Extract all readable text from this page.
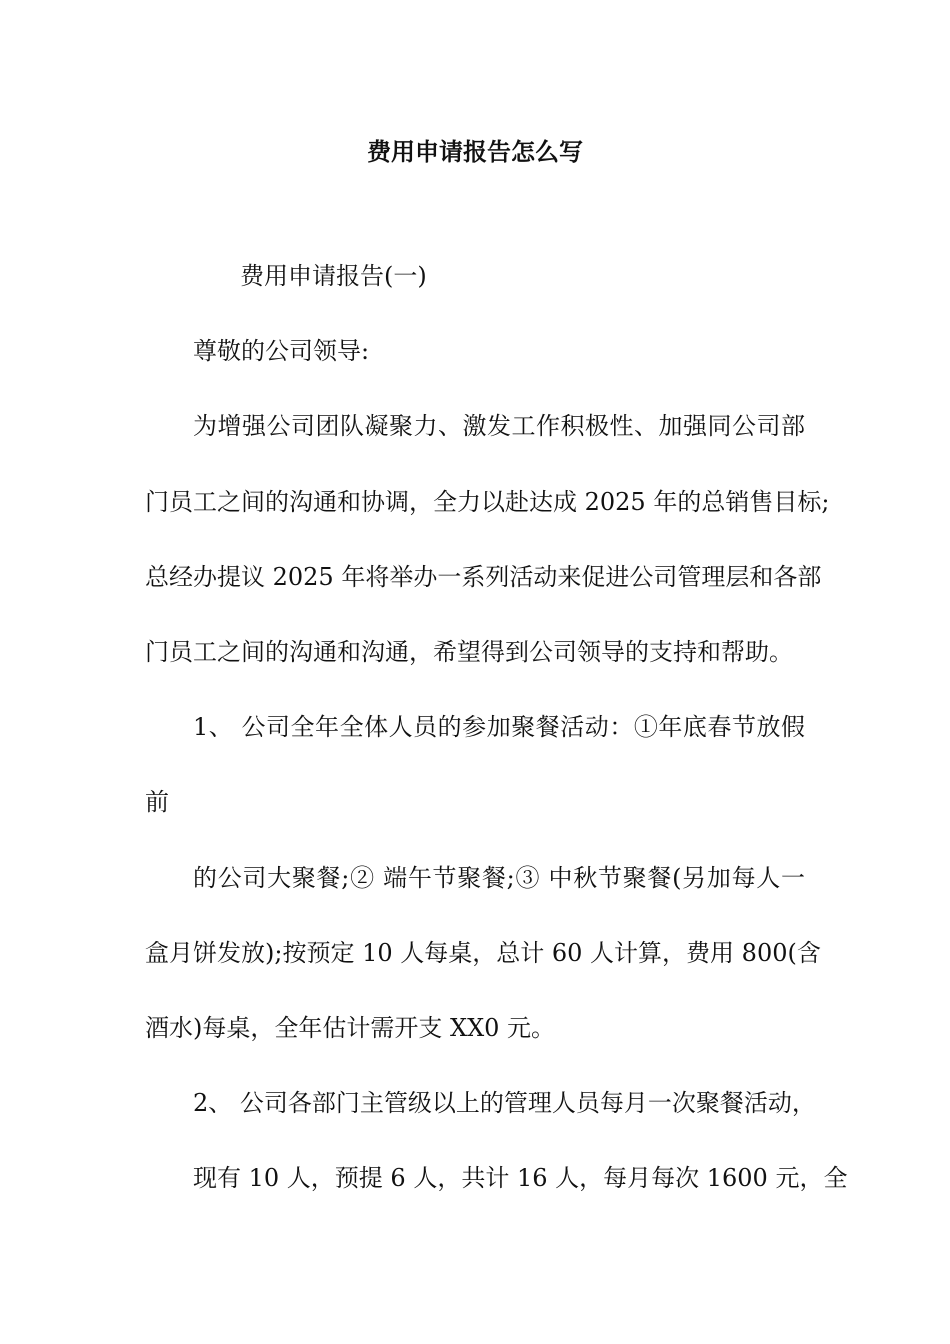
费用申请报告怎么写
费用申请报告(一)
尊敬的公司领导:
为增强公司团队凝聚力、激发工作积极性、加强同公司部
门员工之间的沟通和协调，全力以赴达成 2025 年的总销售目标;
总经办提议 2025 年将举办一系列活动来促进公司管理层和各部
门员工之间的沟通和沟通，希望得到公司领导的支持和帮助。
1、 公司全年全体人员的参加聚餐活动：①年底春节放假
前
的公司大聚餐;② 端午节聚餐;③ 中秋节聚餐(另加每人一
盒月饼发放);按预定 10 人每桌，总计 60 人计算，费用 800(含
酒水)每桌，全年估计需开支 XX0 元。
2、 公司各部门主管级以上的管理人员每月一次聚餐活动，
现有 10 人，预提 6 人，共计 16 人，每月每次 1600 元，全
